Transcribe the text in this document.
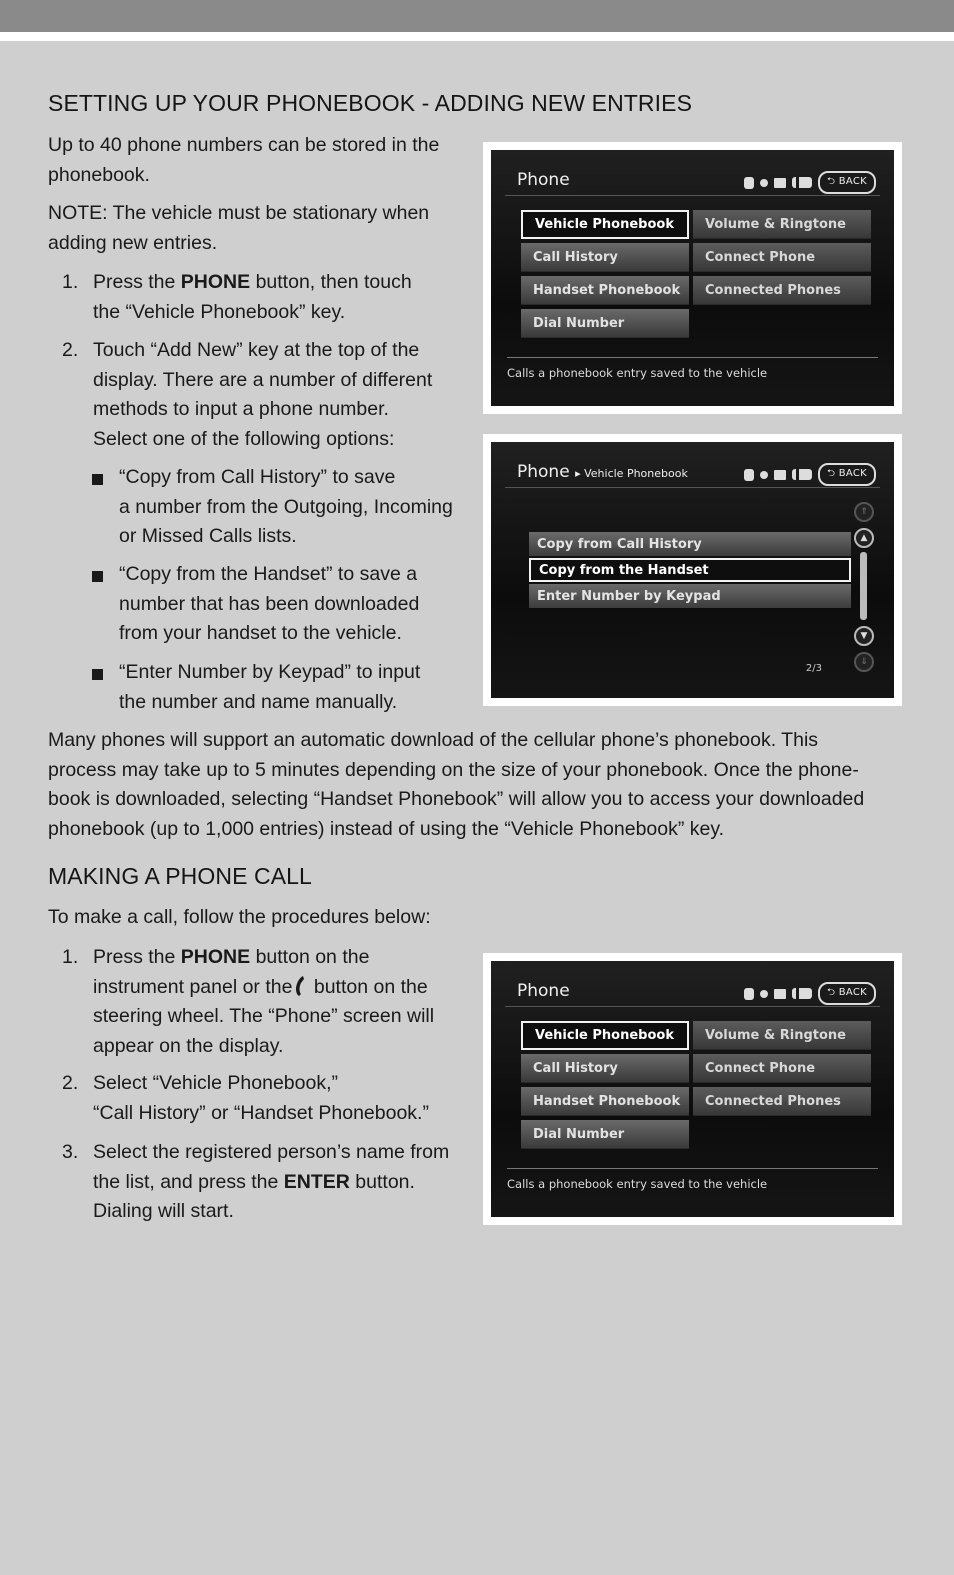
SETTING UP YOUR PHONEBOOK - ADDING NEW ENTRIES
Up to 40 phone numbers can be stored in the
phonebook.
NOTE: The vehicle must be stationary when
adding new entries.
1. Press the PHONE button, then touch
the “Vehicle Phonebook” key.
2. Touch “Add New” key at the top of the
display. There are a number of different
methods to input a phone number.
Select one of the following options:
“Copy from Call History” to save
a number from the Outgoing, Incoming
or Missed Calls lists.
“Copy from the Handset” to save a
number that has been downloaded
from your handset to the vehicle.
“Enter Number by Keypad” to input
the number and name manually.
Many phones will support an automatic download of the cellular phone’s phonebook. This
process may take up to 5 minutes depending on the size of your phonebook. Once the phone-
book is downloaded, selecting “Handset Phonebook” will allow you to access your downloaded
phonebook (up to 1,000 entries) instead of using the “Vehicle Phonebook” key.
MAKING A PHONE CALL
To make a call, follow the procedures below:
1. Press the PHONE button on the
instrument panel or the button on the
steering wheel. The “Phone” screen will
appear on the display.
2. Select “Vehicle Phonebook,”
“Call History” or “Handset Phonebook.”
3. Select the registered person’s name from
the list, and press the ENTER button.
Dialing will start.
Phone	⮌ BACK
Vehicle Phonebook
Call History
Handset Phonebook
Dial Number
Volume & Ringtone
Connect Phone
Connected Phones
Calls a phonebook entry saved to the vehicle
Phone ▸ Vehicle Phonebook	⮌ BACK
Copy from Call History
Copy from the Handset
Enter Number by Keypad
⇑
▲
▼
⇓
2/3
Phone	⮌ BACK
Vehicle Phonebook
Call History
Handset Phonebook
Dial Number
Volume & Ringtone
Connect Phone
Connected Phones
Calls a phonebook entry saved to the vehicle
